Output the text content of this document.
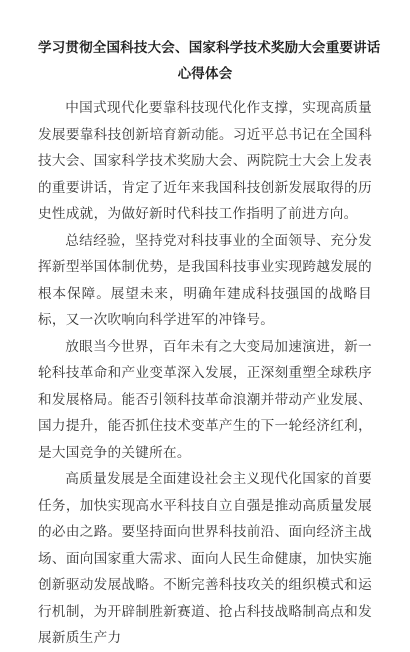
学习贯彻全国科技大会、国家科学技术奖励大会重要讲话
心得体会

中国式现代化要靠科技现代化作支撑，实现高质量发展要靠科技创新培育新动能。习近平总书记在全国科技大会、国家科学技术奖励大会、两院院士大会上发表的重要讲话，肯定了近年来我国科技创新发展取得的历史性成就，为做好新时代科技工作指明了前进方向。

总结经验，坚持党对科技事业的全面领导、充分发挥新型举国体制优势，是我国科技事业实现跨越发展的根本保障。展望未来，明确年建成科技强国的战略目标，又一次吹响向科学进军的冲锋号。

放眼当今世界，百年未有之大变局加速演进，新一轮科技革命和产业变革深入发展，正深刻重塑全球秩序和发展格局。能否引领科技革命浪潮并带动产业发展、国力提升，能否抓住技术变革产生的下一轮经济红利，是大国竞争的关键所在。

高质量发展是全面建设社会主义现代化国家的首要任务，加快实现高水平科技自立自强是推动高质量发展的必由之路。要坚持面向世界科技前沿、面向经济主战场、面向国家重大需求、面向人民生命健康，加快实施创新驱动发展战略。不断完善科技攻关的组织模式和运行机制，为开辟制胜新赛道、抢占科技战略制高点和发展新质生产力
